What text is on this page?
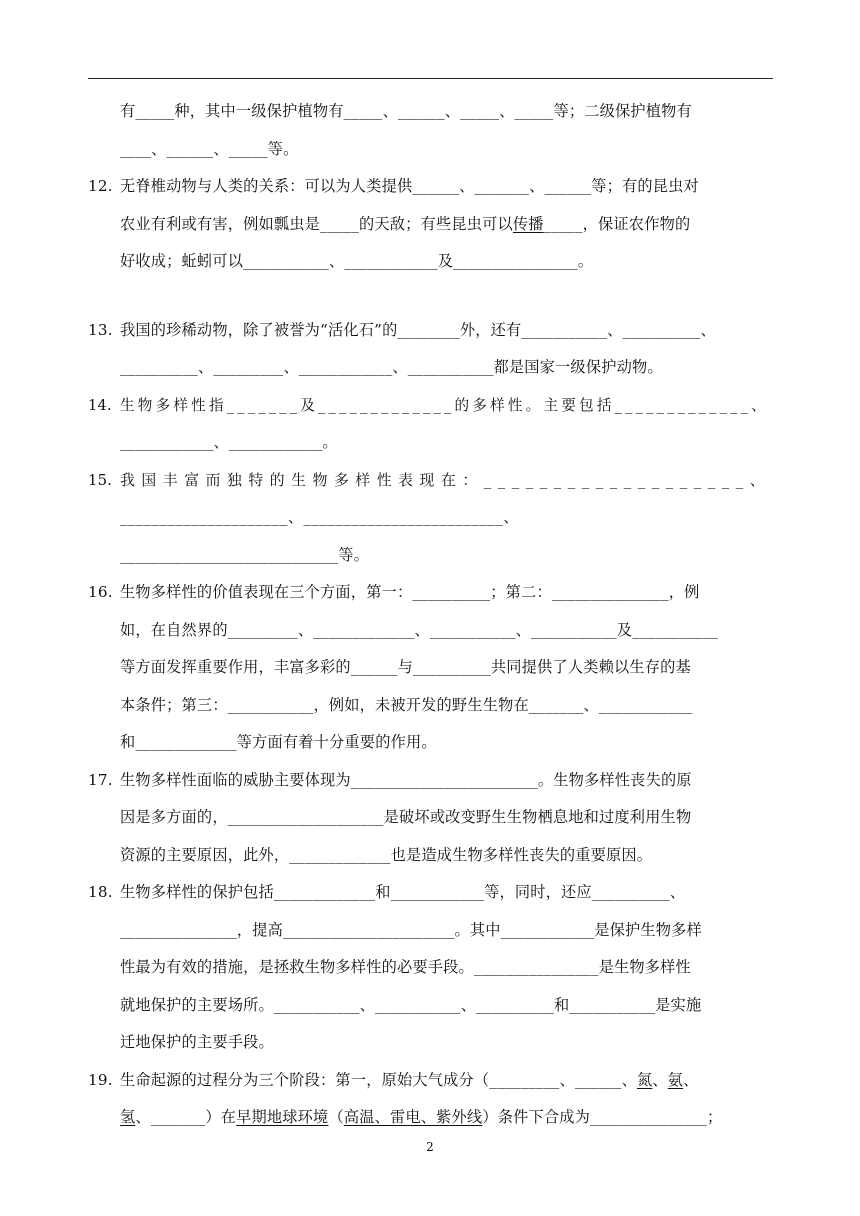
有_____种，其中一级保护植物有_____、______、_____、_____等；二级保护植物有
____、______、_____等。
12. 无脊椎动物与人类的关系：可以为人类提供______、_______、______等；有的昆虫对
农业有利或有害，例如瓢虫是_____的天敌；有些昆虫可以传播_____，保证农作物的
好收成；蚯蚓可以___________、____________及________________。
13. 我国的珍稀动物，除了被誉为“活化石”的________外，还有___________、__________、
__________、_________、____________、___________都是国家一级保护动物。
14. 生物多样性指_______及_____________的多样性。主要包括_____________、
____________、____________。
15. 我国丰富而独特的生物多样性表现在：___________________、
_____________________、_________________________、
____________________________等。
16. 生物多样性的价值表现在三个方面，第一：__________；第二：_______________，例
如，在自然界的_________、_____________、___________、___________及___________
等方面发挥重要作用，丰富多彩的______与__________共同提供了人类赖以生存的基
本条件；第三：___________，例如，未被开发的野生生物在_______、____________
和_____________等方面有着十分重要的作用。
17. 生物多样性面临的威胁主要体现为________________________。生物多样性丧失的原
因是多方面的，____________________是破坏或改变野生生物栖息地和过度利用生物
资源的主要原因，此外，_____________也是造成生物多样性丧失的重要原因。
18. 生物多样性的保护包括_____________和____________等，同时，还应__________、
_______________，提高______________________。其中____________是保护生物多样
性最为有效的措施，是拯救生物多样性的必要手段。________________是生物多样性
就地保护的主要场所。___________、___________、__________和___________是实施
迁地保护的主要手段。
19. 生命起源的过程分为三个阶段：第一，原始大气成分（_________、______、氮、氨、
氢、_______）在早期地球环境（高温、雷电、紫外线）条件下合成为_______________；
2
